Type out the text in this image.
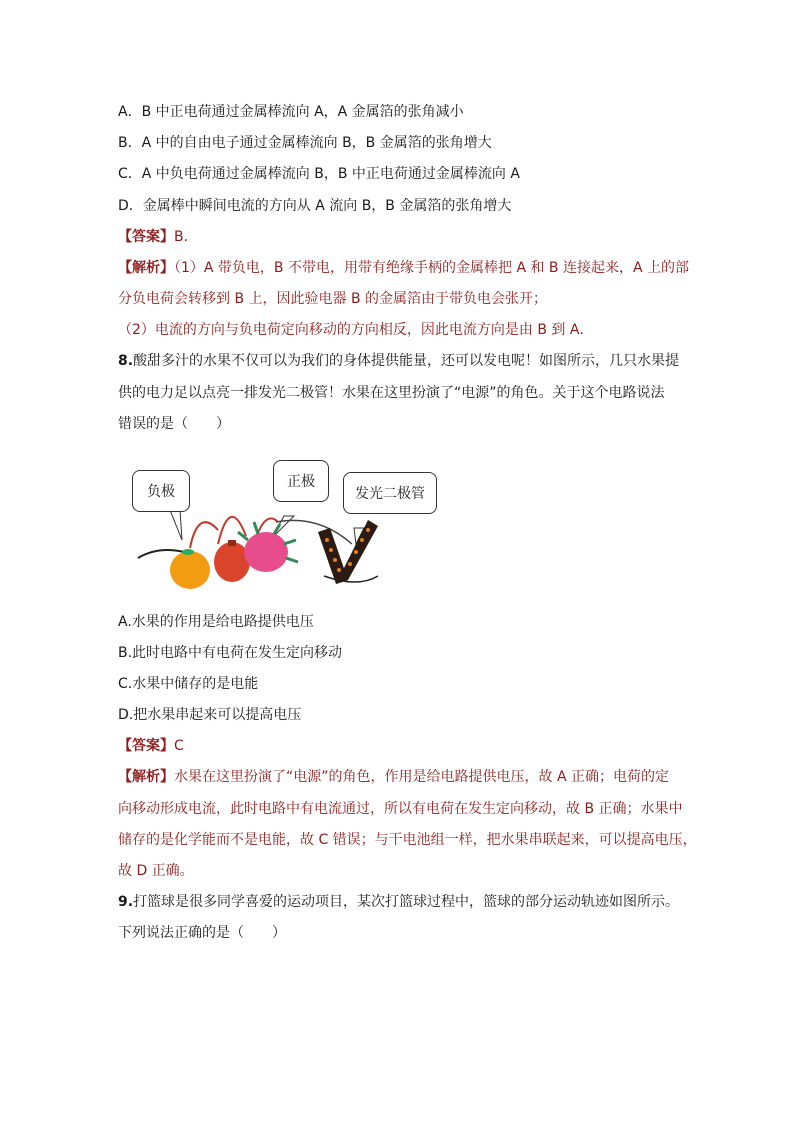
A．B 中正电荷通过金属棒流向 A，A 金属箔的张角减小
B．A 中的自由电子通过金属棒流向 B，B 金属箔的张角增大
C．A 中负电荷通过金属棒流向 B，B 中正电荷通过金属棒流向 A
D．金属棒中瞬间电流的方向从 A 流向 B，B 金属箔的张角增大
【答案】B．
【解析】（1）A 带负电，B 不带电，用带有绝缘手柄的金属棒把 A 和 B 连接起来，A 上的部
分负电荷会转移到 B 上，因此验电器 B 的金属箔由于带负电会张开；
（2）电流的方向与负电荷定向移动的方向相反，因此电流方向是由 B 到 A．
8.酸甜多汁的水果不仅可以为我们的身体提供能量，还可以发电呢！如图所示，几只水果提
供的电力足以点亮一排发光二极管！水果在这里扮演了“电源”的角色。关于这个电路说法
错误的是（　　）
负极
正极
发光二极管
A.水果的作用是给电路提供电压
B.此时电路中有电荷在发生定向移动
C.水果中储存的是电能
D.把水果串起来可以提高电压
【答案】C
【解析】水果在这里扮演了“电源”的角色，作用是给电路提供电压，故 A 正确；电荷的定
向移动形成电流，此时电路中有电流通过，所以有电荷在发生定向移动，故 B 正确；水果中
储存的是化学能而不是电能，故 C 错误；与干电池组一样，把水果串联起来，可以提高电压，
故 D 正确。
9.打篮球是很多同学喜爱的运动项目，某次打篮球过程中，篮球的部分运动轨迹如图所示。
下列说法正确的是（　　）
